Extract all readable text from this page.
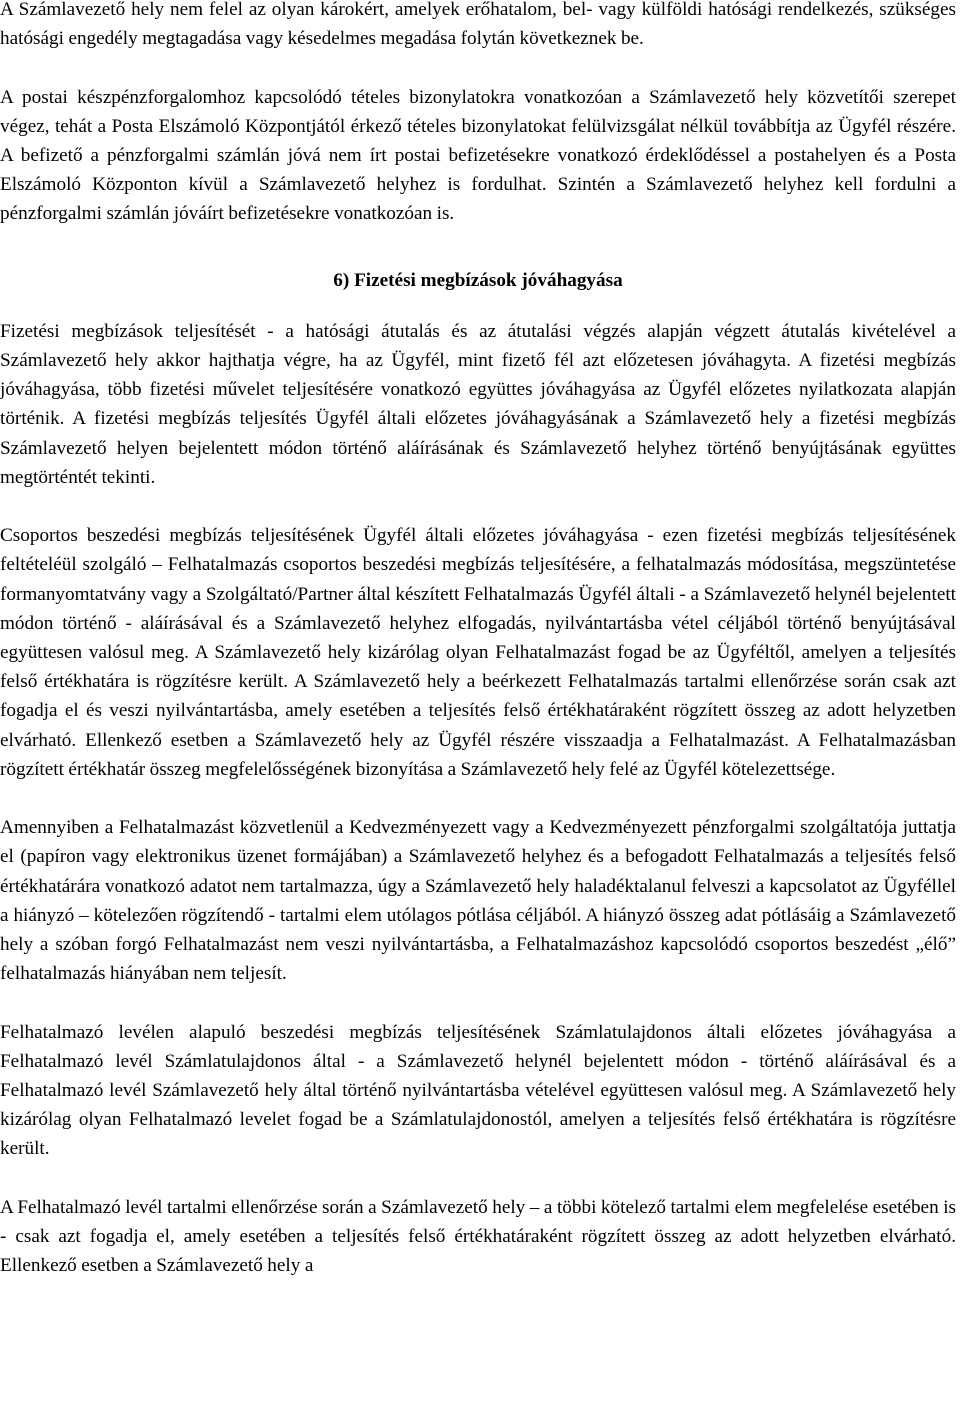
A Számlavezető hely nem felel az olyan károkért, amelyek erőhatalom, bel- vagy külföldi hatósági rendelkezés, szükséges hatósági engedély megtagadása vagy késedelmes megadása folytán következnek be.

A postai készpénzforgalomhoz kapcsolódó tételes bizonylatokra vonatkozóan a Számlavezető hely közvetítői szerepet végez, tehát a Posta Elszámoló Központjától érkező tételes bizonylatokat felülvizsgálat nélkül továbbítja az Ügyfél részére. A befizető a pénzforgalmi számlán jóvá nem írt postai befizetésekre vonatkozó érdeklődéssel a postahelyen és a Posta Elszámoló Központon kívül a Számlavezető helyhez is fordulhat. Szintén a Számlavezető helyhez kell fordulni a pénzforgalmi számlán jóváírt befizetésekre vonatkozóan is.

6) Fizetési megbízások jóváhagyása

Fizetési megbízások teljesítését - a hatósági átutalás és az átutalási végzés alapján végzett átutalás kivételével a Számlavezető hely akkor hajthatja végre, ha az Ügyfél, mint fizető fél azt előzetesen jóváhagyta. A fizetési megbízás jóváhagyása, több fizetési művelet teljesítésére vonatkozó együttes jóváhagyása az Ügyfél előzetes nyilatkozata alapján történik. A fizetési megbízás teljesítés Ügyfél általi előzetes jóváhagyásának a Számlavezető hely a fizetési megbízás Számlavezető helyen bejelentett módon történő aláírásának és Számlavezető helyhez történő benyújtásának együttes megtörténtét tekinti.

Csoportos beszedési megbízás teljesítésének Ügyfél általi előzetes jóváhagyása - ezen fizetési megbízás teljesítésének feltételéül szolgáló – Felhatalmazás csoportos beszedési megbízás teljesítésére, a felhatalmazás módosítása, megszüntetése formanyomtatvány vagy a Szolgáltató/Partner által készített Felhatalmazás Ügyfél általi - a Számlavezető helynél bejelentett módon történő - aláírásával és a Számlavezető helyhez elfogadás, nyilvántartásba vétel céljából történő benyújtásával együttesen valósul meg. A Számlavezető hely kizárólag olyan Felhatalmazást fogad be az Ügyféltől, amelyen a teljesítés felső értékhatára is rögzítésre került. A Számlavezető hely a beérkezett Felhatalmazás tartalmi ellenőrzése során csak azt fogadja el és veszi nyilvántartásba, amely esetében a teljesítés felső értékhatáraként rögzített összeg az adott helyzetben elvárható. Ellenkező esetben a Számlavezető hely az Ügyfél részére visszaadja a Felhatalmazást. A Felhatalmazásban rögzített értékhatár összeg megfelelősségének bizonyítása a Számlavezető hely felé az Ügyfél kötelezettsége.

Amennyiben a Felhatalmazást közvetlenül a Kedvezményezett vagy a Kedvezményezett pénzforgalmi szolgáltatója juttatja el (papíron vagy elektronikus üzenet formájában) a Számlavezető helyhez és a befogadott Felhatalmazás a teljesítés felső értékhatárára vonatkozó adatot nem tartalmazza, úgy a Számlavezető hely haladéktalanul felveszi a kapcsolatot az Ügyféllel a hiányzó – kötelezően rögzítendő - tartalmi elem utólagos pótlása céljából. A hiányzó összeg adat pótlásáig a Számlavezető hely a szóban forgó Felhatalmazást nem veszi nyilvántartásba, a Felhatalmazáshoz kapcsolódó csoportos beszedést „élő” felhatalmazás hiányában nem teljesít.

Felhatalmazó levélen alapuló beszedési megbízás teljesítésének Számlatulajdonos általi előzetes jóváhagyása a Felhatalmazó levél Számlatulajdonos által - a Számlavezető helynél bejelentett módon - történő aláírásával és a Felhatalmazó levél Számlavezető hely által történő nyilvántartásba vételével együttesen valósul meg. A Számlavezető hely kizárólag olyan Felhatalmazó levelet fogad be a Számlatulajdonostól, amelyen a teljesítés felső értékhatára is rögzítésre került.

A Felhatalmazó levél tartalmi ellenőrzése során a Számlavezető hely – a többi kötelező tartalmi elem megfelelése esetében is - csak azt fogadja el, amely esetében a teljesítés felső értékhatáraként rögzített összeg az adott helyzetben elvárható. Ellenkező esetben a Számlavezető hely a
